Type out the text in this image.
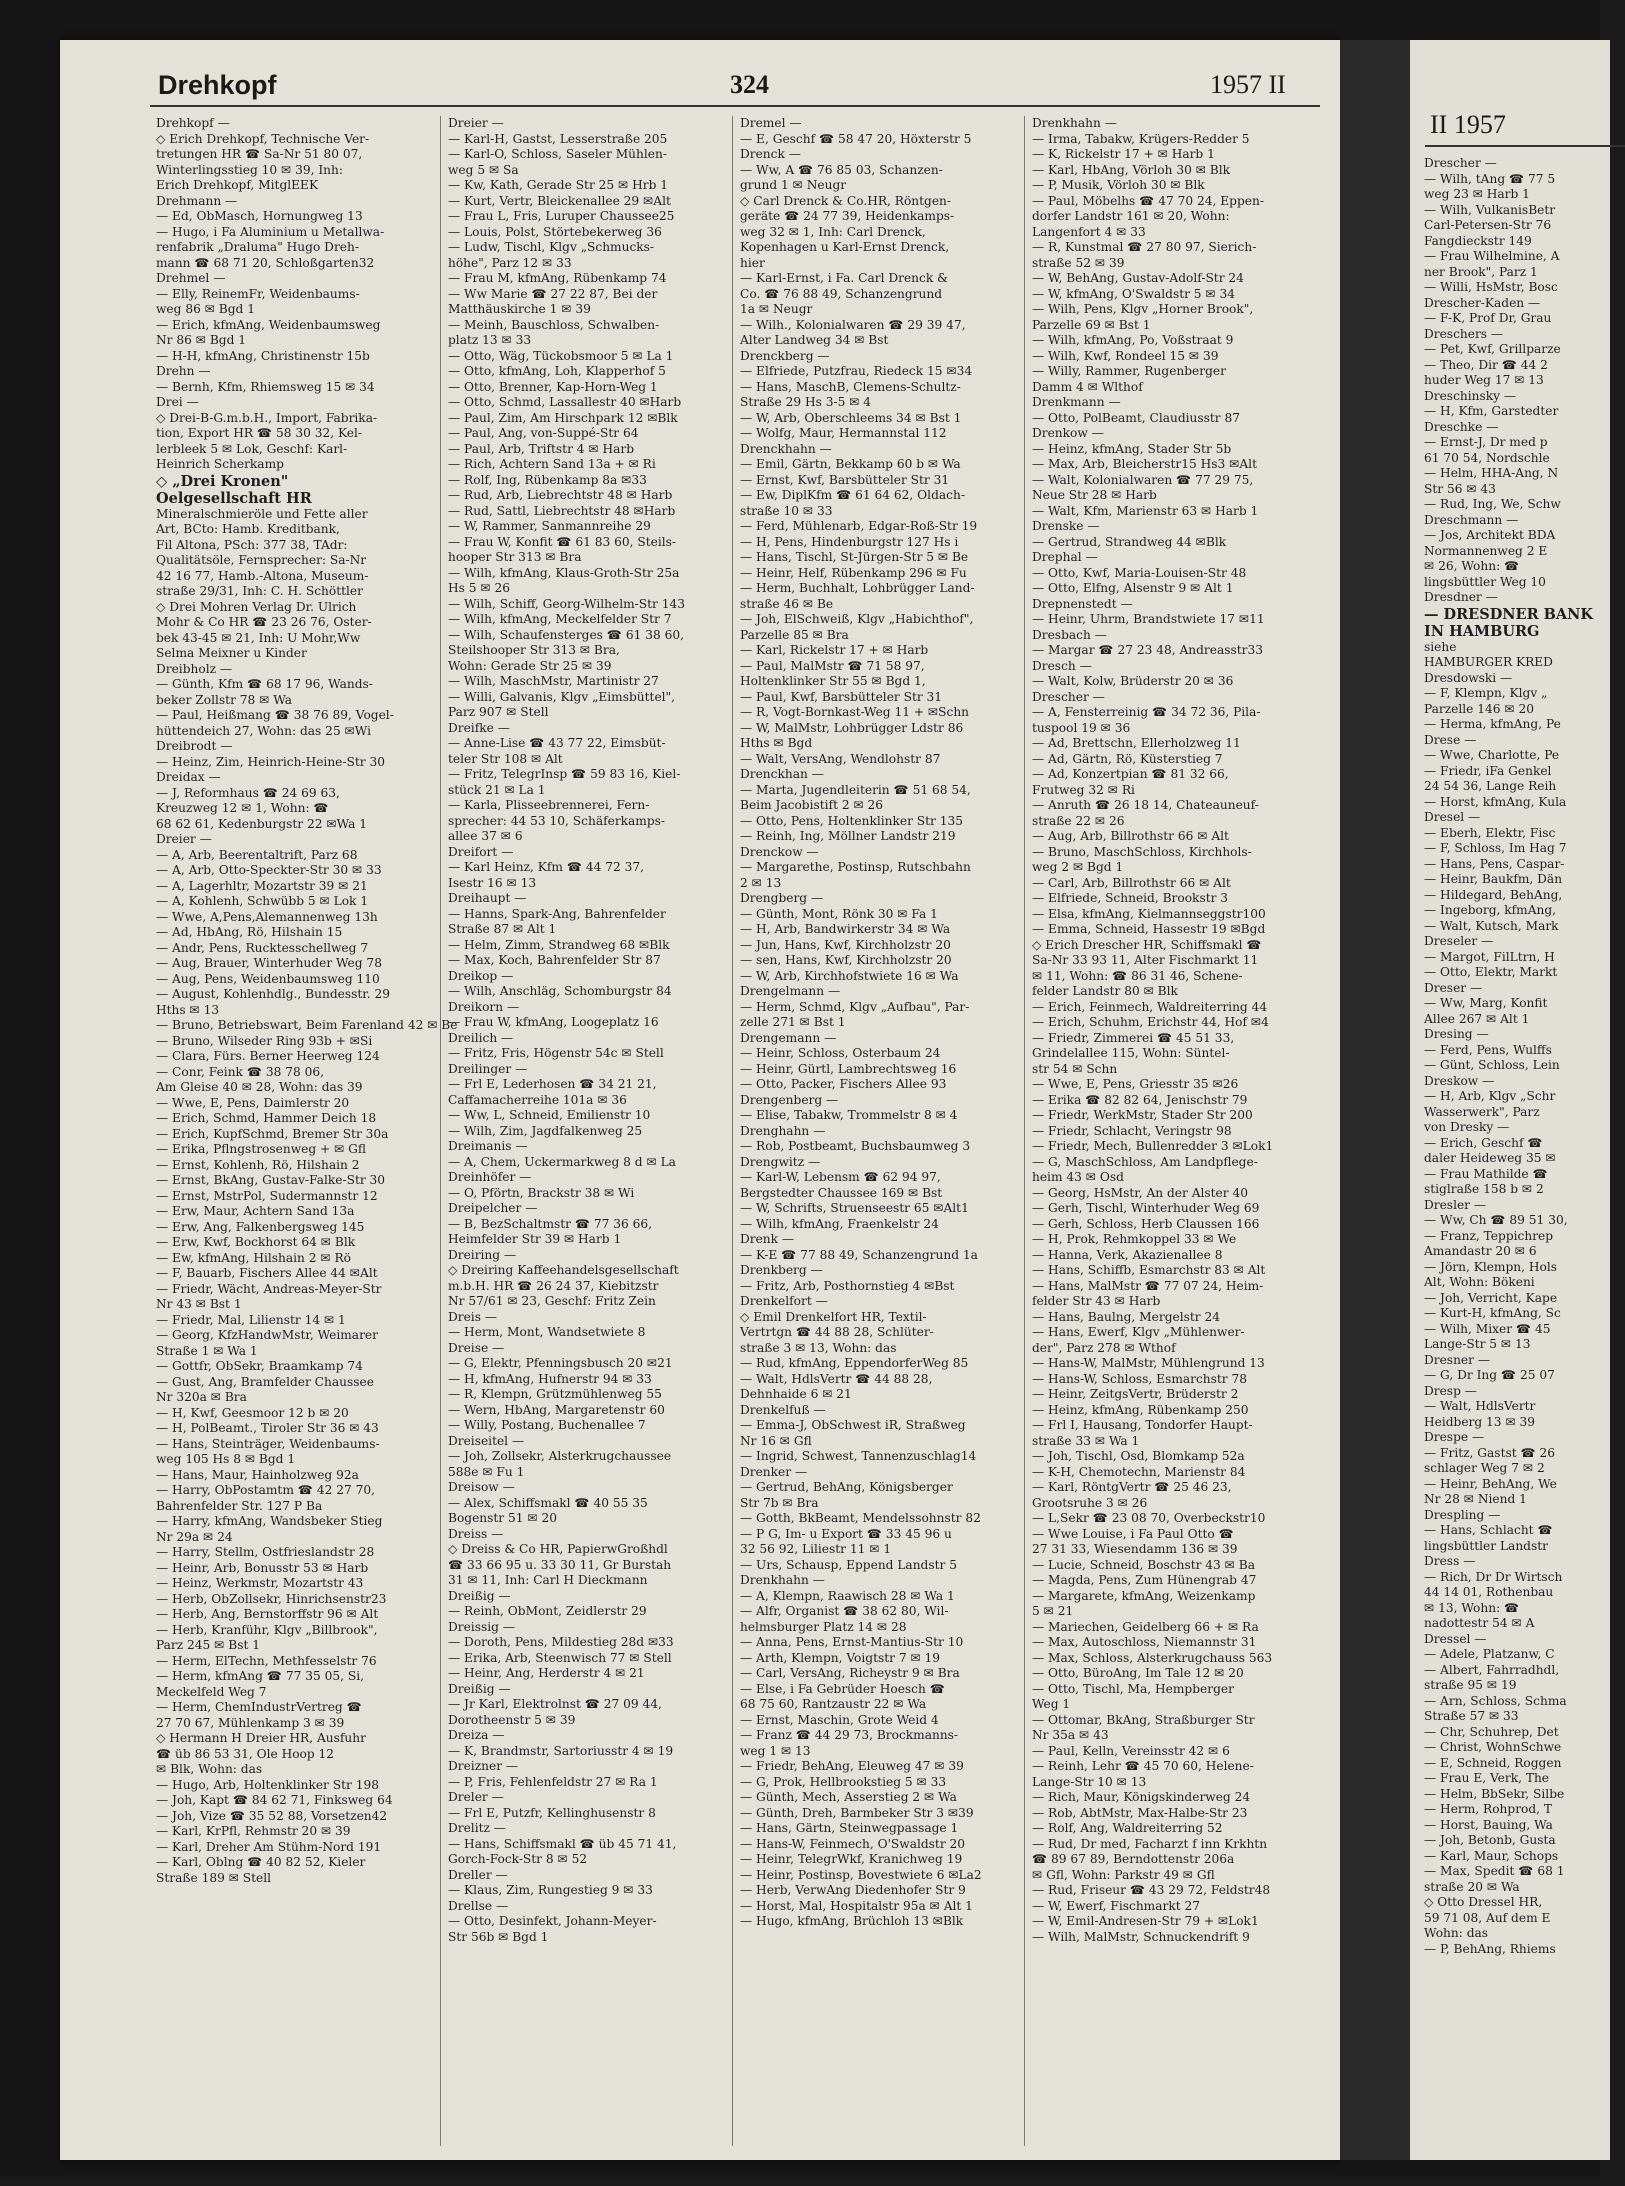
Drehkopf	324	1957 II
Drehkopf —
◇ Erich Drehkopf, Technische Ver-
tretungen HR ☎ Sa-Nr 51 80 07,
Winterlingsstieg 10 ✉ 39, Inh:
Erich Drehkopf, MitglEEK
Drehmann —
— Ed, ObMasch, Hornungweg 13
— Hugo, i Fa Aluminium u Metallwa-
renfabrik „Draluma" Hugo Dreh-
mann ☎ 68 71 20, Schloßgarten32
Drehmel —
— Elly, ReinemFr, Weidenbaums-
weg 86 ✉ Bgd 1
— Erich, kfmAng, Weidenbaumsweg
Nr 86 ✉ Bgd 1
— H-H, kfmAng, Christinenstr 15b
Drehn —
— Bernh, Kfm, Rhiemsweg 15 ✉ 34
Drei —
◇ Drei-B-G.m.b.H., Import, Fabrika-
tion, Export HR ☎ 58 30 32, Kel-
lerbleek 5 ✉ Lok, Geschf: Karl-
Heinrich Scherkamp
◇ „Drei Kronen"
Oelgesellschaft HR
Mineralschmieröle und Fette aller
Art, BCto: Hamb. Kreditbank,
Fil Altona, PSch: 377 38, TAdr:
Qualitätsöle, Fernsprecher: Sa-Nr
42 16 77, Hamb.-Altona, Museum-
straße 29/31, Inh: C. H. Schöttler
◇ Drei Mohren Verlag Dr. Ulrich
Mohr & Co HR ☎ 23 26 76, Oster-
bek 43-45 ✉ 21, Inh: U Mohr,Ww
Selma Meixner u Kinder
Dreibholz —
— Günth, Kfm ☎ 68 17 96, Wands-
beker Zollstr 78 ✉ Wa
— Paul, Heißmang ☎ 38 76 89, Vogel-
hüttendeich 27, Wohn: das 25 ✉Wi
Dreibrodt —
— Heinz, Zim, Heinrich-Heine-Str 30
Dreidax —
— J, Reformhaus ☎ 24 69 63,
Kreuzweg 12 ✉ 1, Wohn: ☎
68 62 61, Kedenburgstr 22 ✉Wa 1
Dreier —
— A, Arb, Beerentaltrift, Parz 68
— A, Arb, Otto-Speckter-Str 30 ✉ 33
— A, Lagerhltr, Mozartstr 39 ✉ 21
— A, Kohlenh, Schwübb 5 ✉ Lok 1
— Wwe, A,Pens,Alemannenweg 13h
— Ad, HbAng, Rö, Hilshain 15
— Andr, Pens, Rucktesschellweg 7
— Aug, Brauer, Winterhuder Weg 78
— Aug, Pens, Weidenbaumsweg 110
— August, Kohlenhdlg., Bundesstr. 29
Hths ✉ 13
— Bruno, Betriebswart, Beim Farenland 42 ✉ Be
— Bruno, Wilseder Ring 93b + ✉Si
— Clara, Fürs. Berner Heerweg 124
— Conr, Feink ☎ 38 78 06,
Am Gleise 40 ✉ 28, Wohn: das 39
— Wwe, E, Pens, Daimlerstr 20
— Erich, Schmd, Hammer Deich 18
— Erich, KupfSchmd, Bremer Str 30a
— Erika, Pflngstrosenweg + ✉ Gfl
— Ernst, Kohlenh, Rö, Hilshain 2
— Ernst, BkAng, Gustav-Falke-Str 30
— Ernst, MstrPol, Sudermannstr 12
— Erw, Maur, Achtern Sand 13a
— Erw, Ang, Falkenbergsweg 145
— Erw, Kwf, Bockhorst 64 ✉ Blk
— Ew, kfmAng, Hilshain 2 ✉ Rö
— F, Bauarb, Fischers Allee 44 ✉Alt
— Friedr, Wächt, Andreas-Meyer-Str
Nr 43 ✉ Bst 1
— Friedr, Mal, Lilienstr 14 ✉ 1
— Georg, KfzHandwMstr, Weimarer
Straße 1 ✉ Wa 1
— Gottfr, ObSekr, Braamkamp 74
— Gust, Ang, Bramfelder Chaussee
Nr 320a ✉ Bra
— H, Kwf, Geesmoor 12 b ✉ 20
— H, PolBeamt., Tiroler Str 36 ✉ 43
— Hans, Steinträger, Weidenbaums-
weg 105 Hs 8 ✉ Bgd 1
— Hans, Maur, Hainholzweg 92a
— Harry, ObPostamtm ☎ 42 27 70,
Bahrenfelder Str. 127 P Ba
— Harry, kfmAng, Wandsbeker Stieg
Nr 29a ✉ 24
— Harry, Stellm, Ostfrieslandstr 28
— Heinr, Arb, Bonusstr 53 ✉ Harb
— Heinz, Werkmstr, Mozartstr 43
— Herb, ObZollsekr, Hinrichsenstr23
— Herb, Ang, Bernstorffstr 96 ✉ Alt
— Herb, Kranführ, Klgv „Billbrook",
Parz 245 ✉ Bst 1
— Herm, ElTechn, Methfesselstr 76
— Herm, kfmAng ☎ 77 35 05, Si,
Meckelfeld Weg 7
— Herm, ChemIndustrVertreg ☎
27 70 67, Mühlenkamp 3 ✉ 39
◇ Hermann H Dreier HR, Ausfuhr
☎ üb 86 53 31, Ole Hoop 12
✉ Blk, Wohn: das
— Hugo, Arb, Holtenklinker Str 198
— Joh, Kapt ☎ 84 62 71, Finksweg 64
— Joh, Vize ☎ 35 52 88, Vorsetzen42
— Karl, KrPfl, Rehmstr 20 ✉ 39
— Karl, Dreher Am Stühm-Nord 191
— Karl, Oblng ☎ 40 82 52, Kieler
Straße 189 ✉ Stell
Dreier —
— Karl-H, Gastst, Lesserstraße 205
— Karl-O, Schloss, Saseler Mühlen-
weg 5 ✉ Sa
— Kw, Kath, Gerade Str 25 ✉ Hrb 1
— Kurt, Vertr, Bleickenallee 29 ✉Alt
— Frau L, Fris, Luruper Chaussee25
— Louis, Polst, Störtebekerweg 36
— Ludw, Tischl, Klgv „Schmucks-
höhe", Parz 12 ✉ 33
— Frau M, kfmAng, Rübenkamp 74
— Ww Marie ☎ 27 22 87, Bei der
Matthäuskirche 1 ✉ 39
— Meinh, Bauschloss, Schwalben-
platz 13 ✉ 33
— Otto, Wäg, Tückobsmoor 5 ✉ La 1
— Otto, kfmAng, Loh, Klapperhof 5
— Otto, Brenner, Kap-Horn-Weg 1
— Otto, Schmd, Lassallestr 40 ✉Harb
— Paul, Zim, Am Hirschpark 12 ✉Blk
— Paul, Ang, von-Suppé-Str 64
— Paul, Arb, Triftstr 4 ✉ Harb
— Rich, Achtern Sand 13a + ✉ Ri
— Rolf, Ing, Rübenkamp 8a ✉33
— Rud, Arb, Liebrechtstr 48 ✉ Harb
— Rud, Sattl, Liebrechtstr 48 ✉Harb
— W, Rammer, Sanmannreihe 29
— Frau W, Konfit ☎ 61 83 60, Steils-
hooper Str 313 ✉ Bra
— Wilh, kfmAng, Klaus-Groth-Str 25a
Hs 5 ✉ 26
— Wilh, Schiff, Georg-Wilhelm-Str 143
— Wilh, kfmAng, Meckelfelder Str 7
— Wilh, Schaufensterges ☎ 61 38 60,
Steilshooper Str 313 ✉ Bra,
Wohn: Gerade Str 25 ✉ 39
— Wilh, MaschMstr, Martinistr 27
— Willi, Galvanis, Klgv „Eimsbüttel",
Parz 907 ✉ Stell
Dreifke —
— Anne-Lise ☎ 43 77 22, Eimsbüt-
teler Str 108 ✉ Alt
— Fritz, TelegrInsp ☎ 59 83 16, Kiel-
stück 21 ✉ La 1
— Karla, Plisseebrennerei, Fern-
sprecher: 44 53 10, Schäferkamps-
allee 37 ✉ 6
Dreifort —
— Karl Heinz, Kfm ☎ 44 72 37,
Isestr 16 ✉ 13
Dreihaupt —
— Hanns, Spark-Ang, Bahrenfelder
Straße 87 ✉ Alt 1
— Helm, Zimm, Strandweg 68 ✉Blk
— Max, Koch, Bahrenfelder Str 87
Dreikop —
— Wilh, Anschläg, Schomburgstr 84
Dreikorn —
— Frau W, kfmAng, Loogeplatz 16
Dreilich —
— Fritz, Fris, Högenstr 54c ✉ Stell
Dreilinger —
— Frl E, Lederhosen ☎ 34 21 21,
Caffamacherreihe 101a ✉ 36
— Ww, L, Schneid, Emilienstr 10
— Wilh, Zim, Jagdfalkenweg 25
Dreimanis —
— A, Chem, Uckermarkweg 8 d ✉ La
Dreinhöfer —
— O, Pförtn, Brackstr 38 ✉ Wi
Dreipelcher —
— B, BezSchaltmstr ☎ 77 36 66,
Heimfelder Str 39 ✉ Harb 1
Dreiring —
◇ Dreiring Kaffeehandelsgesellschaft
m.b.H. HR ☎ 26 24 37, Kiebitzstr
Nr 57/61 ✉ 23, Geschf: Fritz Zein
Dreis —
— Herm, Mont, Wandsetwiete 8
Dreise —
— G, Elektr, Pfenningsbusch 20 ✉21
— H, kfmAng, Hufnerstr 94 ✉ 33
— R, Klempn, Grützmühlenweg 55
— Wern, HbAng, Margaretenstr 60
— Willy, Postang, Buchenallee 7
Dreiseitel —
— Joh, Zollsekr, Alsterkrugchaussee
588e ✉ Fu 1
Dreisow —
— Alex, Schiffsmakl ☎ 40 55 35
Bogenstr 51 ✉ 20
Dreiss —
◇ Dreiss & Co HR, PapierwGroßhdl
☎ 33 66 95 u. 33 30 11, Gr Burstah
31 ✉ 11, Inh: Carl H Dieckmann
Dreißig —
— Reinh, ObMont, Zeidlerstr 29
Dreissig —
— Doroth, Pens, Mildestieg 28d ✉33
— Erika, Arb, Steenwisch 77 ✉ Stell
— Heinr, Ang, Herderstr 4 ✉ 21
Dreißig —
— Jr Karl, Elektrolnst ☎ 27 09 44,
Dorotheenstr 5 ✉ 39
Dreiza —
— K, Brandmstr, Sartoriusstr 4 ✉ 19
Dreizner —
— P, Fris, Fehlenfeldstr 27 ✉ Ra 1
Dreler —
— Frl E, Putzfr, Kellinghusenstr 8
Drelitz —
— Hans, Schiffsmakl ☎ üb 45 71 41,
Gorch-Fock-Str 8 ✉ 52
Dreller —
— Klaus, Zim, Rungestieg 9 ✉ 33
Drellse —
— Otto, Desinfekt, Johann-Meyer-
Str 56b ✉ Bgd 1
Dremel —
— E, Geschf ☎ 58 47 20, Höxterstr 5
Drenck —
— Ww, A ☎ 76 85 03, Schanzen-
grund 1 ✉ Neugr
◇ Carl Drenck & Co.HR, Röntgen-
geräte ☎ 24 77 39, Heidenkamps-
weg 32 ✉ 1, Inh: Carl Drenck,
Kopenhagen u Karl-Ernst Drenck,
hier
— Karl-Ernst, i Fa. Carl Drenck &
Co. ☎ 76 88 49, Schanzengrund
1a ✉ Neugr
— Wilh., Kolonialwaren ☎ 29 39 47,
Alter Landweg 34 ✉ Bst
Drenckberg —
— Elfriede, Putzfrau, Riedeck 15 ✉34
— Hans, MaschB, Clemens-Schultz-
Straße 29 Hs 3-5 ✉ 4
— W, Arb, Oberschleems 34 ✉ Bst 1
— Wolfg, Maur, Hermannstal 112
Drenckhahn —
— Emil, Gärtn, Bekkamp 60 b ✉ Wa
— Ernst, Kwf, Barsbütteler Str 31
— Ew, DiplKfm ☎ 61 64 62, Oldach-
straße 10 ✉ 33
— Ferd, Mühlenarb, Edgar-Roß-Str 19
— H, Pens, Hindenburgstr 127 Hs i
— Hans, Tischl, St-Jürgen-Str 5 ✉ Be
— Heinr, Helf, Rübenkamp 296 ✉ Fu
— Herm, Buchhalt, Lohbrügger Land-
straße 46 ✉ Be
— Joh, ElSchweiß, Klgv „Habichthof",
Parzelle 85 ✉ Bra
— Karl, Rickelstr 17 + ✉ Harb
— Paul, MalMstr ☎ 71 58 97,
Holtenklinker Str 55 ✉ Bgd 1,
— Paul, Kwf, Barsbütteler Str 31
— R, Vogt-Bornkast-Weg 11 + ✉Schn
— W, MalMstr, Lohbrügger Ldstr 86
Hths ✉ Bgd
— Walt, VersAng, Wendlohstr 87
Drenckhan —
— Marta, Jugendleiterin ☎ 51 68 54,
Beim Jacobistift 2 ✉ 26
— Otto, Pens, Holtenklinker Str 135
— Reinh, Ing, Möllner Landstr 219
Drenckow —
— Margarethe, Postinsp, Rutschbahn
2 ✉ 13
Drengberg —
— Günth, Mont, Rönk 30 ✉ Fa 1
— H, Arb, Bandwirkerstr 34 ✉ Wa
— Jun, Hans, Kwf, Kirchholzstr 20
— sen, Hans, Kwf, Kirchholzstr 20
— W, Arb, Kirchhofstwiete 16 ✉ Wa
Drengelmann —
— Herm, Schmd, Klgv „Aufbau", Par-
zelle 271 ✉ Bst 1
Drengemann —
— Heinr, Schloss, Osterbaum 24
— Heinr, Gürtl, Lambrechtsweg 16
— Otto, Packer, Fischers Allee 93
Drengenberg —
— Elise, Tabakw, Trommelstr 8 ✉ 4
Drenghahn —
— Rob, Postbeamt, Buchsbaumweg 3
Drengwitz —
— Karl-W, Lebensm ☎ 62 94 97,
Bergstedter Chaussee 169 ✉ Bst
— W, Schrifts, Struenseestr 65 ✉Alt1
— Wilh, kfmAng, Fraenkelstr 24
Drenk —
— K-E ☎ 77 88 49, Schanzengrund 1a
Drenkberg —
— Fritz, Arb, Posthornstieg 4 ✉Bst
Drenkelfort —
◇ Emil Drenkelfort HR, Textil-
Vertrtgn ☎ 44 88 28, Schlüter-
straße 3 ✉ 13, Wohn: das
— Rud, kfmAng, EppendorferWeg 85
— Walt, HdlsVertr ☎ 44 88 28,
Dehnhaide 6 ✉ 21
Drenkelfuß —
— Emma-J, ObSchwest iR, Straßweg
Nr 16 ✉ Gfl
— Ingrid, Schwest, Tannenzuschlag14
Drenker —
— Gertrud, BehAng, Königsberger
Str 7b ✉ Bra
— Gotth, BkBeamt, Mendelssohnstr 82
— P G, Im- u Export ☎ 33 45 96 u
32 56 92, Liliestr 11 ✉ 1
— Urs, Schausp, Eppend Landstr 5
Drenkhahn —
— A, Klempn, Raawisch 28 ✉ Wa 1
— Alfr, Organist ☎ 38 62 80, Wil-
helmsburger Platz 14 ✉ 28
— Anna, Pens, Ernst-Mantius-Str 10
— Arth, Klempn, Voigtstr 7 ✉ 19
— Carl, VersAng, Richeystr 9 ✉ Bra
— Else, i Fa Gebrüder Hoesch ☎
68 75 60, Rantzaustr 22 ✉ Wa
— Ernst, Maschin, Grote Weid 4
— Franz ☎ 44 29 73, Brockmanns-
weg 1 ✉ 13
— Friedr, BehAng, Eleuweg 47 ✉ 39
— G, Prok, Hellbrookstieg 5 ✉ 33
— Günth, Mech, Asserstieg 2 ✉ Wa
— Günth, Dreh, Barmbeker Str 3 ✉39
— Hans, Gärtn, Steinwegpassage 1
— Hans-W, Feinmech, O'Swaldstr 20
— Heinr, TelegrWkf, Kranichweg 19
— Heinr, Postinsp, Bovestwiete 6 ✉La2
— Herb, VerwAng Diedenhofer Str 9
— Horst, Mal, Hospitalstr 95a ✉ Alt 1
— Hugo, kfmAng, Brüchloh 13 ✉Blk
Drenkhahn —
— Irma, Tabakw, Krügers-Redder 5
— K, Rickelstr 17 + ✉ Harb 1
— Karl, HbAng, Vörloh 30 ✉ Blk
— P, Musik, Vörloh 30 ✉ Blk
— Paul, Möbelhs ☎ 47 70 24, Eppen-
dorfer Landstr 161 ✉ 20, Wohn:
Langenfort 4 ✉ 33
— R, Kunstmal ☎ 27 80 97, Sierich-
straße 52 ✉ 39
— W, BehAng, Gustav-Adolf-Str 24
— W, kfmAng, O'Swaldstr 5 ✉ 34
— Wilh, Pens, Klgv „Horner Brook",
Parzelle 69 ✉ Bst 1
— Wilh, kfmAng, Po, Voßstraat 9
— Wilh, Kwf, Rondeel 15 ✉ 39
— Willy, Rammer, Rugenberger
Damm 4 ✉ Wlthof
Drenkmann —
— Otto, PolBeamt, Claudiusstr 87
Drenkow —
— Heinz, kfmAng, Stader Str 5b
— Max, Arb, Bleicherstr15 Hs3 ✉Alt
— Walt, Kolonialwaren ☎ 77 29 75,
Neue Str 28 ✉ Harb
— Walt, Kfm, Marienstr 63 ✉ Harb 1
Drenske —
— Gertrud, Strandweg 44 ✉Blk
Drephal —
— Otto, Kwf, Maria-Louisen-Str 48
— Otto, Elfng, Alsenstr 9 ✉ Alt 1
Drepnenstedt —
— Heinr, Uhrm, Brandstwiete 17 ✉11
Dresbach —
— Margar ☎ 27 23 48, Andreasstr33
Dresch —
— Walt, Kolw, Brüderstr 20 ✉ 36
Drescher —
— A, Fensterreinig ☎ 34 72 36, Pila-
tuspool 19 ✉ 36
— Ad, Brettschn, Ellerholzweg 11
— Ad, Gärtn, Rö, Küsterstieg 7
— Ad, Konzertpian ☎ 81 32 66,
Frutweg 32 ✉ Ri
— Anruth ☎ 26 18 14, Chateauneuf-
straße 22 ✉ 26
— Aug, Arb, Billrothstr 66 ✉ Alt
— Bruno, MaschSchloss, Kirchhols-
weg 2 ✉ Bgd 1
— Carl, Arb, Billrothstr 66 ✉ Alt
— Elfriede, Schneid, Brookstr 3
— Elsa, kfmAng, Kielmannseggstr100
— Emma, Schneid, Hassestr 19 ✉Bgd
◇ Erich Drescher HR, Schiffsmakl ☎
Sa-Nr 33 93 11, Alter Fischmarkt 11
✉ 11, Wohn: ☎ 86 31 46, Schene-
felder Landstr 80 ✉ Blk
— Erich, Feinmech, Waldreiterring 44
— Erich, Schuhm, Erichstr 44, Hof ✉4
— Friedr, Zimmerei ☎ 45 51 33,
Grindelallee 115, Wohn: Süntel-
str 54 ✉ Schn
— Wwe, E, Pens, Griesstr 35 ✉26
— Erika ☎ 82 82 64, Jenischstr 79
— Friedr, WerkMstr, Stader Str 200
— Friedr, Schlacht, Veringstr 98
— Friedr, Mech, Bullenredder 3 ✉Lok1
— G, MaschSchloss, Am Landpflege-
heim 43 ✉ Osd
— Georg, HsMstr, An der Alster 40
— Gerh, Tischl, Winterhuder Weg 69
— Gerh, Schloss, Herb Claussen 166
— H, Prok, Rehmkoppel 33 ✉ We
— Hanna, Verk, Akazienallee 8
— Hans, Schiffb, Esmarchstr 83 ✉ Alt
— Hans, MalMstr ☎ 77 07 24, Heim-
felder Str 43 ✉ Harb
— Hans, Baulng, Mergelstr 24
— Hans, Ewerf, Klgv „Mühlenwer-
der", Parz 278 ✉ Wthof
— Hans-W, MalMstr, Mühlengrund 13
— Hans-W, Schloss, Esmarchstr 78
— Heinr, ZeitgsVertr, Brüderstr 2
— Heinz, kfmAng, Rübenkamp 250
— Frl I, Hausang, Tondorfer Haupt-
straße 33 ✉ Wa 1
— Joh, Tischl, Osd, Blomkamp 52a
— K-H, Chemotechn, Marienstr 84
— Karl, RöntgVertr ☎ 25 46 23,
Grootsruhe 3 ✉ 26
— L,Sekr ☎ 23 08 70, Overbeckstr10
— Wwe Louise, i Fa Paul Otto ☎
27 31 33, Wiesendamm 136 ✉ 39
— Lucie, Schneid, Boschstr 43 ✉ Ba
— Magda, Pens, Zum Hünengrab 47
— Margarete, kfmAng, Weizenkamp
5 ✉ 21
— Mariechen, Geidelberg 66 + ✉ Ra
— Max, Autoschloss, Niemannstr 31
— Max, Schloss, Alsterkrugchauss 563
— Otto, BüroAng, Im Tale 12 ✉ 20
— Otto, Tischl, Ma, Hempberger
Weg 1
— Ottomar, BkAng, Straßburger Str
Nr 35a ✉ 43
— Paul, Kelln, Vereinsstr 42 ✉ 6
— Reinh, Lehr ☎ 45 70 60, Helene-
Lange-Str 10 ✉ 13
— Rich, Maur, Königskinderweg 24
— Rob, AbtMstr, Max-Halbe-Str 23
— Rolf, Ang, Waldreiterring 52
— Rud, Dr med, Facharzt f inn Krkhtn
☎ 89 67 89, Berndottenstr 206a
✉ Gfl, Wohn: Parkstr 49 ✉ Gfl
— Rud, Friseur ☎ 43 29 72, Feldstr48
— W, Ewerf, Fischmarkt 27
— W, Emil-Andresen-Str 79 + ✉Lok1
— Wilh, MalMstr, Schnuckendrift 9
II 1957
Drescher —
— Wilh, tAng ☎ 77 5
weg 23 ✉ Harb 1
— Wilh, VulkanisBetr
Carl-Petersen-Str 76
Fangdieckstr 149
— Frau Wilhelmine, A
ner Brook", Parz 1
— Willi, HsMstr, Bosc
Drescher-Kaden —
— F-K, Prof Dr, Grau
Dreschers —
— Pet, Kwf, Grillparze
— Theo, Dir ☎ 44 2
huder Weg 17 ✉ 13
Dreschinsky —
— H, Kfm, Garstedter
Dreschke —
— Ernst-J, Dr med p
61 70 54, Nordschle
— Helm, HHA-Ang, N
Str 56 ✉ 43
— Rud, Ing, We, Schw
Dreschmann —
— Jos, Architekt BDA
Normannenweg 2 E
✉ 26, Wohn: ☎
lingsbüttler Weg 10
Dresdner —
— DRESDNER BANK
IN HAMBURG
siehe
HAMBURGER KRED
Dresdowski —
— F, Klempn, Klgv „
Parzelle 146 ✉ 20
— Herma, kfmAng, Pe
Drese —
— Wwe, Charlotte, Pe
— Friedr, iFa Genkel
24 54 36, Lange Reih
— Horst, kfmAng, Kula
Dresel —
— Eberh, Elektr, Fisc
— F, Schloss, Im Hag 7
— Hans, Pens, Caspar-
— Heinr, Baukfm, Dän
— Hildegard, BehAng,
— Ingeborg, kfmAng,
— Walt, Kutsch, Mark
Dreseler —
— Margot, FilLtrn, H
— Otto, Elektr, Markt
Dreser —
— Ww, Marg, Konfit
Allee 267 ✉ Alt 1
Dresing —
— Ferd, Pens, Wulffs
— Günt, Schloss, Lein
Dreskow —
— H, Arb, Klgv „Schr
Wasserwerk", Parz
von Dresky —
— Erich, Geschf ☎
daler Heideweg 35 ✉
— Frau Mathilde ☎
stiglraße 158 b ✉ 2
Dresler —
— Ww, Ch ☎ 89 51 30,
— Franz, Teppichrep
Amandastr 20 ✉ 6
— Jörn, Klempn, Hols
Alt, Wohn: Bökeni
— Joh, Verricht, Kape
— Kurt-H, kfmAng, Sc
— Wilh, Mixer ☎ 45
Lange-Str 5 ✉ 13
Dresner —
— G, Dr Ing ☎ 25 07
Dresp —
— Walt, HdlsVertr
Heidberg 13 ✉ 39
Drespe —
— Fritz, Gastst ☎ 26
schlager Weg 7 ✉ 2
— Heinr, BehAng, We
Nr 28 ✉ Niend 1
Drespling —
— Hans, Schlacht ☎
lingsbüttler Landstr
Dress —
— Rich, Dr Dr Wirtsch
44 14 01, Rothenbau
✉ 13, Wohn: ☎
nadottestr 54 ✉ A
Dressel —
— Adele, Platzanw, C
— Albert, Fahrradhdl,
straße 95 ✉ 19
— Arn, Schloss, Schma
Straße 57 ✉ 33
— Chr, Schuhrep, Det
— Christ, WohnSchwe
— E, Schneid, Roggen
— Frau E, Verk, The
— Helm, BbSekr, Silbe
— Herm, Rohprod, T
— Horst, Bauing, Wa
— Joh, Betonb, Gusta
— Karl, Maur, Schops
— Max, Spedit ☎ 68 1
straße 20 ✉ Wa
◇ Otto Dressel HR,
59 71 08, Auf dem E
Wohn: das
— P, BehAng, Rhiems
